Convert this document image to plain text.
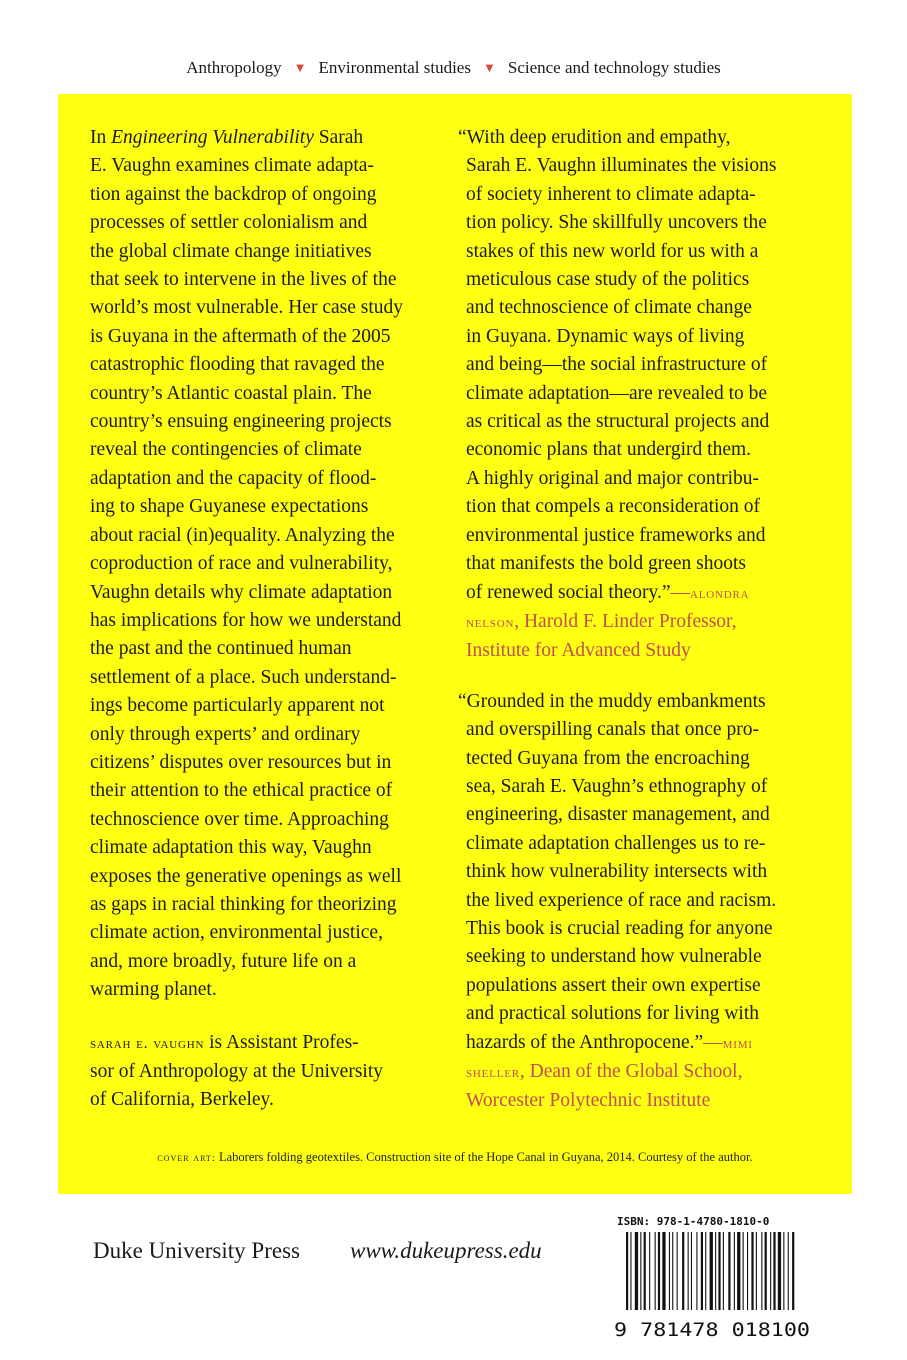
Anthropology ▼ Environmental studies ▼ Science and technology studies
In Engineering Vulnerability Sarah
E. Vaughn examines climate adapta-
tion against the backdrop of ongoing
processes of settler colonialism and
the global climate change initiatives
that seek to intervene in the lives of the
world’s most vulnerable. Her case study
is Guyana in the aftermath of the 2005
catastrophic flooding that ravaged the
country’s Atlantic coastal plain. The
country’s ensuing engineering projects
reveal the contingencies of climate
adaptation and the capacity of flood-
ing to shape Guyanese expectations
about racial (in)equality. Analyzing the
coproduction of race and vulnerability,
Vaughn details why climate adaptation
has implications for how we understand
the past and the continued human
settlement of a place. Such understand-
ings become particularly apparent not
only through experts’ and ordinary
citizens’ disputes over resources but in
their attention to the ethical practice of
technoscience over time. Approaching
climate adaptation this way, Vaughn
exposes the generative openings as well
as gaps in racial thinking for theorizing
climate action, environmental justice,
and, more broadly, future life on a
warming planet.
sarah e. vaughn is Assistant Profes-
sor of Anthropology at the University
of California, Berkeley.
“With deep erudition and empathy,
Sarah E. Vaughn illuminates the visions
of society inherent to climate adapta-
tion policy. She skillfully uncovers the
stakes of this new world for us with a
meticulous case study of the politics
and technoscience of climate change
in Guyana. Dynamic ways of living
and being—the social infrastructure of
climate adaptation—are revealed to be
as critical as the structural projects and
economic plans that undergird them.
A highly original and major contribu-
tion that compels a reconsideration of
environmental justice frameworks and
that manifests the bold green shoots
of renewed social theory.”—alondra
nelson, Harold F. Linder Professor,
Institute for Advanced Study
“Grounded in the muddy embankments
and overspilling canals that once pro-
tected Guyana from the encroaching
sea, Sarah E. Vaughn’s ethnography of
engineering, disaster management, and
climate adaptation challenges us to re-
think how vulnerability intersects with
the lived experience of race and racism.
This book is crucial reading for anyone
seeking to understand how vulnerable
populations assert their own expertise
and practical solutions for living with
hazards of the Anthropocene.”—mimi
sheller, Dean of the Global School,
Worcester Polytechnic Institute
cover art: Laborers folding geotextiles. Construction site of the Hope Canal in Guyana, 2014. Courtesy of the author.
Duke University Press www.dukeupress.edu
ISBN: 978-1-4780-1810-0
9 781478 018100
